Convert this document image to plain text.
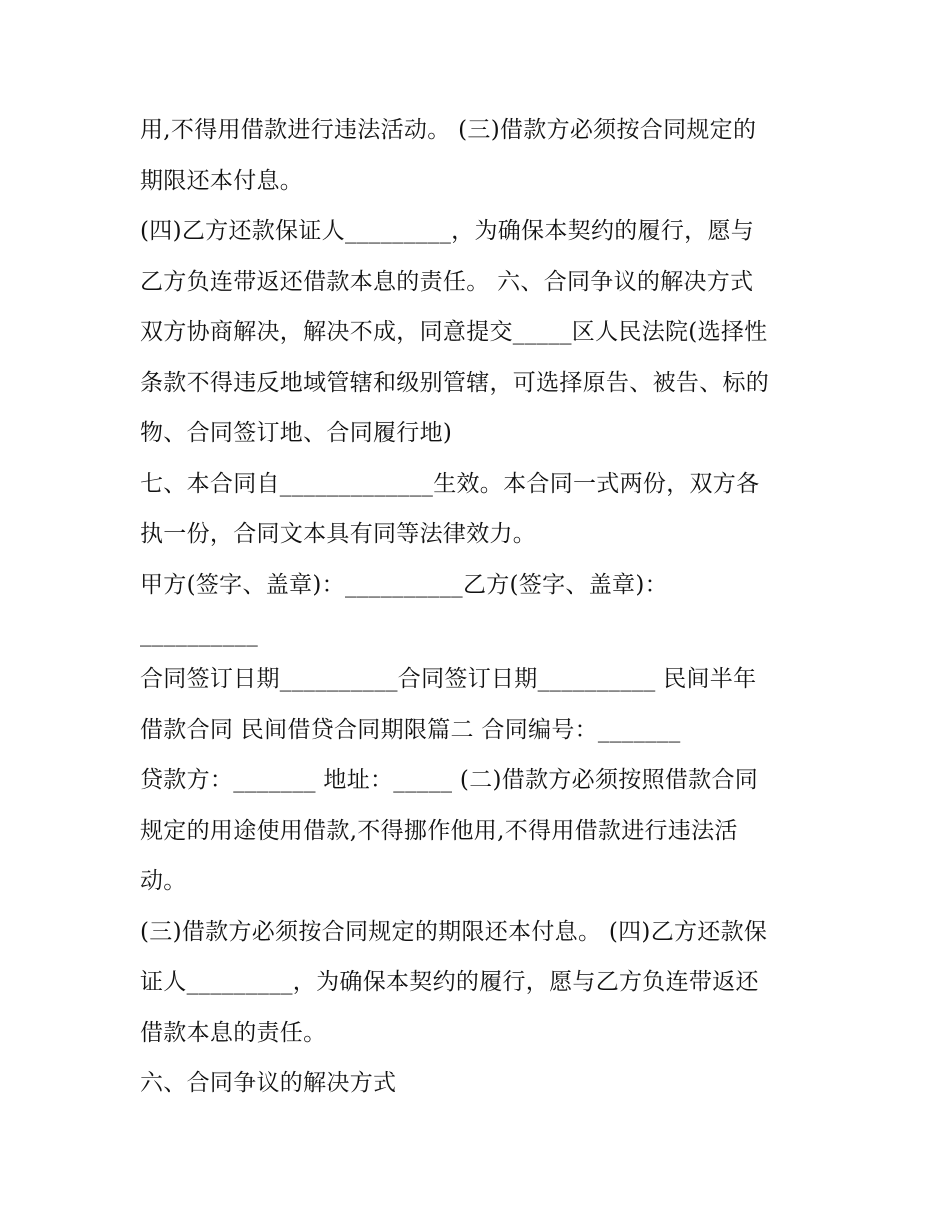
用,不得用借款进行违法活动。 (三)借款方必须按合同规定的
期限还本付息。
(四)乙方还款保证人_________，为确保本契约的履行，愿与
乙方负连带返还借款本息的责任。 六、合同争议的解决方式
双方协商解决，解决不成，同意提交_____区人民法院(选择性
条款不得违反地域管辖和级别管辖，可选择原告、被告、标的
物、合同签订地、合同履行地)
七、本合同自_____________生效。本合同一式两份，双方各
执一份，合同文本具有同等法律效力。
甲方(签字、盖章)：__________乙方(签字、盖章)：
__________
合同签订日期__________合同签订日期__________ 民间半年
借款合同 民间借贷合同期限篇二 合同编号：_______
贷款方：_______ 地址：_____ (二)借款方必须按照借款合同
规定的用途使用借款,不得挪作他用,不得用借款进行违法活
动。
(三)借款方必须按合同规定的期限还本付息。 (四)乙方还款保
证人_________，为确保本契约的履行，愿与乙方负连带返还
借款本息的责任。
六、合同争议的解决方式
